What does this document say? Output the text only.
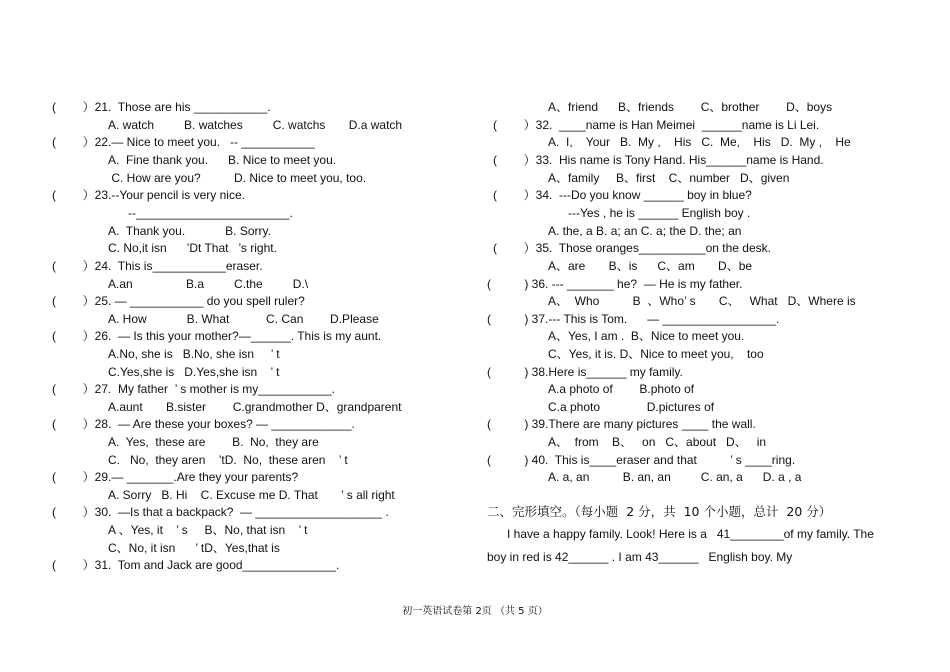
(        ）21.  Those are his ___________.
A. watch         B. watches         C. watchs       D.a watch
(        ）22.— Nice to meet you.   -- ___________
A.  Fine thank you.      B. Nice to meet you.
C. How are you?          D. Nice to meet you, too.
(        ）23.--Your pencil is very nice.
--_______________________.
A.  Thank you.            B. Sorry.
C. No,it isn      ’Dt That   ’s right.
(        ）24.  This is___________eraser.
A.an                B.a         C.the         D.\
(        ）25. — ___________ do you spell ruler?
A. How            B. What           C. Can        D.Please
(        ）26.  — Is this your mother?—______. This is my aunt.
A.No, she is   B.No, she isn     ’ t
C.Yes,she is   D.Yes,she isn    ’ t
(        ）27.  My father  ’ s mother is my___________.
A.aunt       B.sister        C.grandmother D、grandparent
(        ）28.  — Are these your boxes? — ____________.
A.  Yes,  these are        B.  No,  they are
C.   No,  they aren    ’tD.  No,  these aren    ’ t
(        ）29.— _______.Are they your parents?
A. Sorry   B. Hi    C. Excuse me D. That       ’ s all right
(        ）30.  —Is that a backpack?  — ___________________ .
A 、Yes, it    ’ s     B、No, that isn    ’ t
C、No, it isn      ’ tD、Yes,that is
(        ）31.  Tom and Jack are good______________.
A、friend      B、friends        C、brother        D、boys
(        ）32.  ____name is Han Meimei  ______name is Li Lei.
A.  I,    Your   B.  My ,    His   C.  Me,    His   D.  My ,    He
(        ）33.  His name is Tony Hand. His______name is Hand.
A、family     B、first    C、number   D、given
(        ）34.  ---Do you know ______ boy in blue?
---Yes , he is ______ English boy .
A. the, a B. a; an C. a; the D. the; an
(        ）35.  Those oranges__________on the desk.
A、are       B、is      C、am       D、be
(          ) 36. --- _______ he?  — He is my father.
A、  Who          B  、Who’ s       C、   What   D、Where is
(          ) 37.--- This is Tom.      — _________________.
A、Yes, I am .  B、Nice to meet you.
C、Yes, it is. D、Nice to meet you,    too
(          ) 38.Here is______ my family.
A.a photo of        B.photo of
C.a photo              D.pictures of
(          ) 39.There are many pictures ____ the wall.
A、  from    B、   on   C、about   D、   in
(          ) 40.  This is____eraser and that          ’ s ____ring.
A. a, an          B. an, an         C. an, a      D. a , a
二、完形填空。（每小题  2 分，共  10 个小题，总计  20 分）
I have a happy family. Look! Here is a   41________of my family. The
boy in red is 42______ . I am 43______   English boy. My
初一英语试卷第 2页 （共 5 页）
